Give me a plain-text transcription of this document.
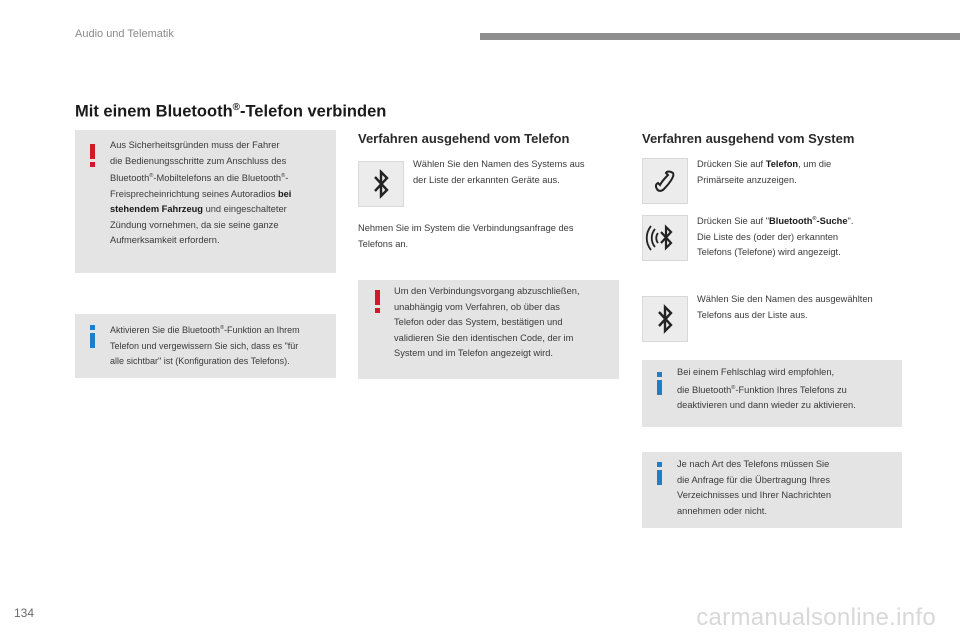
Audio und Telematik
Mit einem Bluetooth®-Telefon verbinden
Aus Sicherheitsgründen muss der Fahrer
die Bedienungsschritte zum Anschluss des
Bluetooth®-Mobiltelefons an die Bluetooth®-
Freisprecheinrichtung seines Autoradios bei
stehendem Fahrzeug und eingeschalteter
Zündung vornehmen, da sie seine ganze
Aufmerksamkeit erfordern.
Aktivieren Sie die Bluetooth®-Funktion an Ihrem
Telefon und vergewissern Sie sich, dass es "für
alle sichtbar" ist (Konfiguration des Telefons).
Verfahren ausgehend vom Telefon
Wählen Sie den Namen des Systems aus
der Liste der erkannten Geräte aus.
Nehmen Sie im System die Verbindungsanfrage des
Telefons an.
Um den Verbindungsvorgang abzuschließen,
unabhängig vom Verfahren, ob über das
Telefon oder das System, bestätigen und
validieren Sie den identischen Code, der im
System und im Telefon angezeigt wird.
Verfahren ausgehend vom System
Drücken Sie auf Telefon, um die
Primärseite anzuzeigen.
Drücken Sie auf "Bluetooth®-Suche".
Die Liste des (oder der) erkannten
Telefons (Telefone) wird angezeigt.
Wählen Sie den Namen des ausgewählten
Telefons aus der Liste aus.
Bei einem Fehlschlag wird empfohlen,
die Bluetooth®-Funktion Ihres Telefons zu
deaktivieren und dann wieder zu aktivieren.
Je nach Art des Telefons müssen Sie
die Anfrage für die Übertragung Ihres
Verzeichnisses und Ihrer Nachrichten
annehmen oder nicht.
134	carmanualsonline.info
